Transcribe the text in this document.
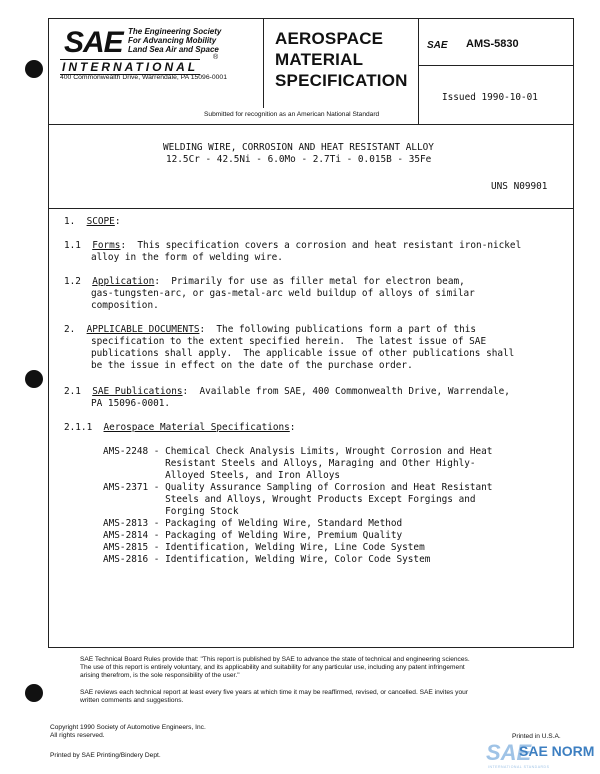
SAE The Engineering Society
For Advancing Mobility
Land Sea Air and Space
®
INTERNATIONAL
400 Commonwealth Drive, Warrendale, PA 15096-0001
AEROSPACE
MATERIAL
SPECIFICATION
SAE AMS-5830
Issued 1990-10-01
Submitted for recognition as an American National Standard
WELDING WIRE, CORROSION AND HEAT RESISTANT ALLOY
12.5Cr - 42.5Ni - 6.0Mo - 2.7Ti - 0.015B - 35Fe
UNS N09901
1. SCOPE:
1.1 Forms:  This specification covers a corrosion and heat resistant iron-nickel
alloy in the form of welding wire.
1.2 Application:  Primarily for use as filler metal for electron beam,
gas-tungsten-arc, or gas-metal-arc weld buildup of alloys of similar
composition.
2. APPLICABLE DOCUMENTS:  The following publications form a part of this
specification to the extent specified herein.  The latest issue of SAE
publications shall apply.  The applicable issue of other publications shall
be the issue in effect on the date of the purchase order.
2.1 SAE Publications:  Available from SAE, 400 Commonwealth Drive, Warrendale,
PA 15096-0001.
2.1.1 Aerospace Material Specifications:
AMS-2248 - Chemical Check Analysis Limits, Wrought Corrosion and Heat
Resistant Steels and Alloys, Maraging and Other Highly-
Alloyed Steels, and Iron Alloys
AMS-2371 - Quality Assurance Sampling of Corrosion and Heat Resistant
Steels and Alloys, Wrought Products Except Forgings and
Forging Stock
AMS-2813 - Packaging of Welding Wire, Standard Method
AMS-2814 - Packaging of Welding Wire, Premium Quality
AMS-2815 - Identification, Welding Wire, Line Code System
AMS-2816 - Identification, Welding Wire, Color Code System
SAE Technical Board Rules provide that: "This report is published by SAE to advance the state of technical and engineering sciences.
The use of this report is entirely voluntary, and its applicability and suitability for any particular use, including any patent infringement
arising therefrom, is the sole responsibility of the user."
SAE reviews each technical report at least every five years at which time it may be reaffirmed, revised, or cancelled. SAE invites your
written comments and suggestions.
Copyright 1990 Society of Automotive Engineers, Inc.
All rights reserved.	Printed in U.S.A.
Printed by SAE Printing/Bindery Dept.	SAE
SAE NORM
INTERNATIONAL STANDARDS
